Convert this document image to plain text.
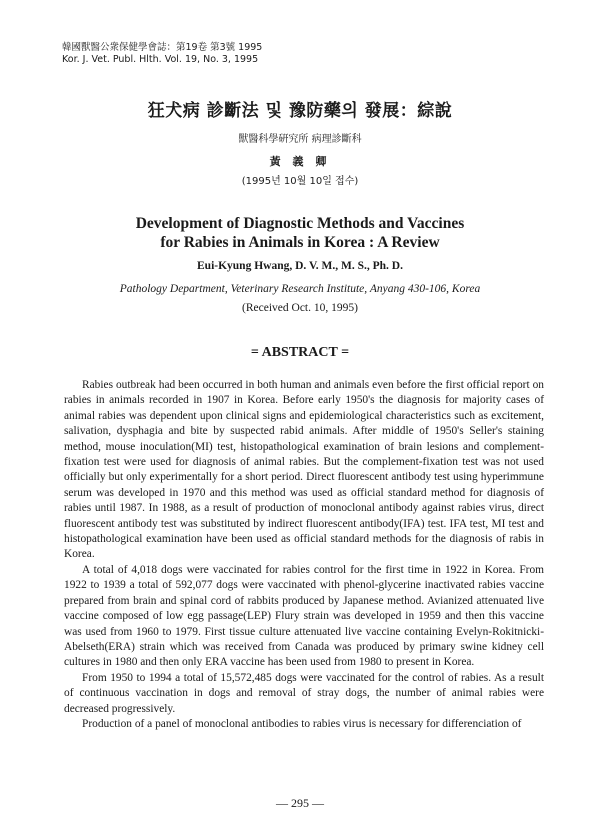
韓國獸醫公衆保健學會誌：第19卷 第3號 1995
Kor. J. Vet. Publ. Hlth. Vol. 19, No. 3, 1995
狂犬病 診斷法 및 豫防藥의 發展：綜說
獸醫科學硏究所 病理診斷科
黃 義 卿
(1995년 10월 10일 접수)
Development of Diagnostic Methods and Vaccines
for Rabies in Animals in Korea : A Review
Eui-Kyung Hwang, D. V. M., M. S., Ph. D.
Pathology Department, Veterinary Research Institute, Anyang 430-106, Korea
(Received Oct. 10, 1995)
= ABSTRACT =

Rabies outbreak had been occurred in both human and animals even before the first official report on rabies in animals recorded in 1907 in Korea. Before early 1950's the diagnosis for majority cases of animal rabies was dependent upon clinical signs and epidemiological characteristics such as excitement, salivation, dysphagia and bite by suspected rabid animals. After middle of 1950's Seller's staining method, mouse inoculation(MI) test, histopathological examination of brain lesions and complement-fixation test were used for diagnosis of animal rabies. But the complement-fixation test was not used officially but only experimentally for a short period. Direct fluorescent antibody test using hyperimmune serum was developed in 1970 and this method was used as official standard method for diagnosis of rabies until 1987. In 1988, as a result of production of monoclonal antibody against rabies virus, direct fluorescent antibody test was substituted by indirect fluorescent antibody(IFA) test. IFA test, MI test and histopathological examination have been used as official standard methods for the diagnosis of rabis in Korea.

A total of 4,018 dogs were vaccinated for rabies control for the first time in 1922 in Korea. From 1922 to 1939 a total of 592,077 dogs were vaccinated with phenol-glycerine inactivated rabies vaccine prepared from brain and spinal cord of rabbits produced by Japanese method. Avianized attenuated live vaccine composed of low egg passage(LEP) Flury strain was developed in 1959 and then this vaccine was used from 1960 to 1979. First tissue culture attenuated live vaccine containing Evelyn-Rokitnicki-Abelseth(ERA) strain which was received from Canada was produced by primary swine kidney cell cultures in 1980 and then only ERA vaccine has been used from 1980 to present in Korea.

From 1950 to 1994 a total of 15,572,485 dogs were vaccinated for the control of rabies. As a result of continuous vaccination in dogs and removal of stray dogs, the number of animal rabies were decreased progressively.

Production of a panel of monoclonal antibodies to rabies virus is necessary for differenciation of

— 295 —
